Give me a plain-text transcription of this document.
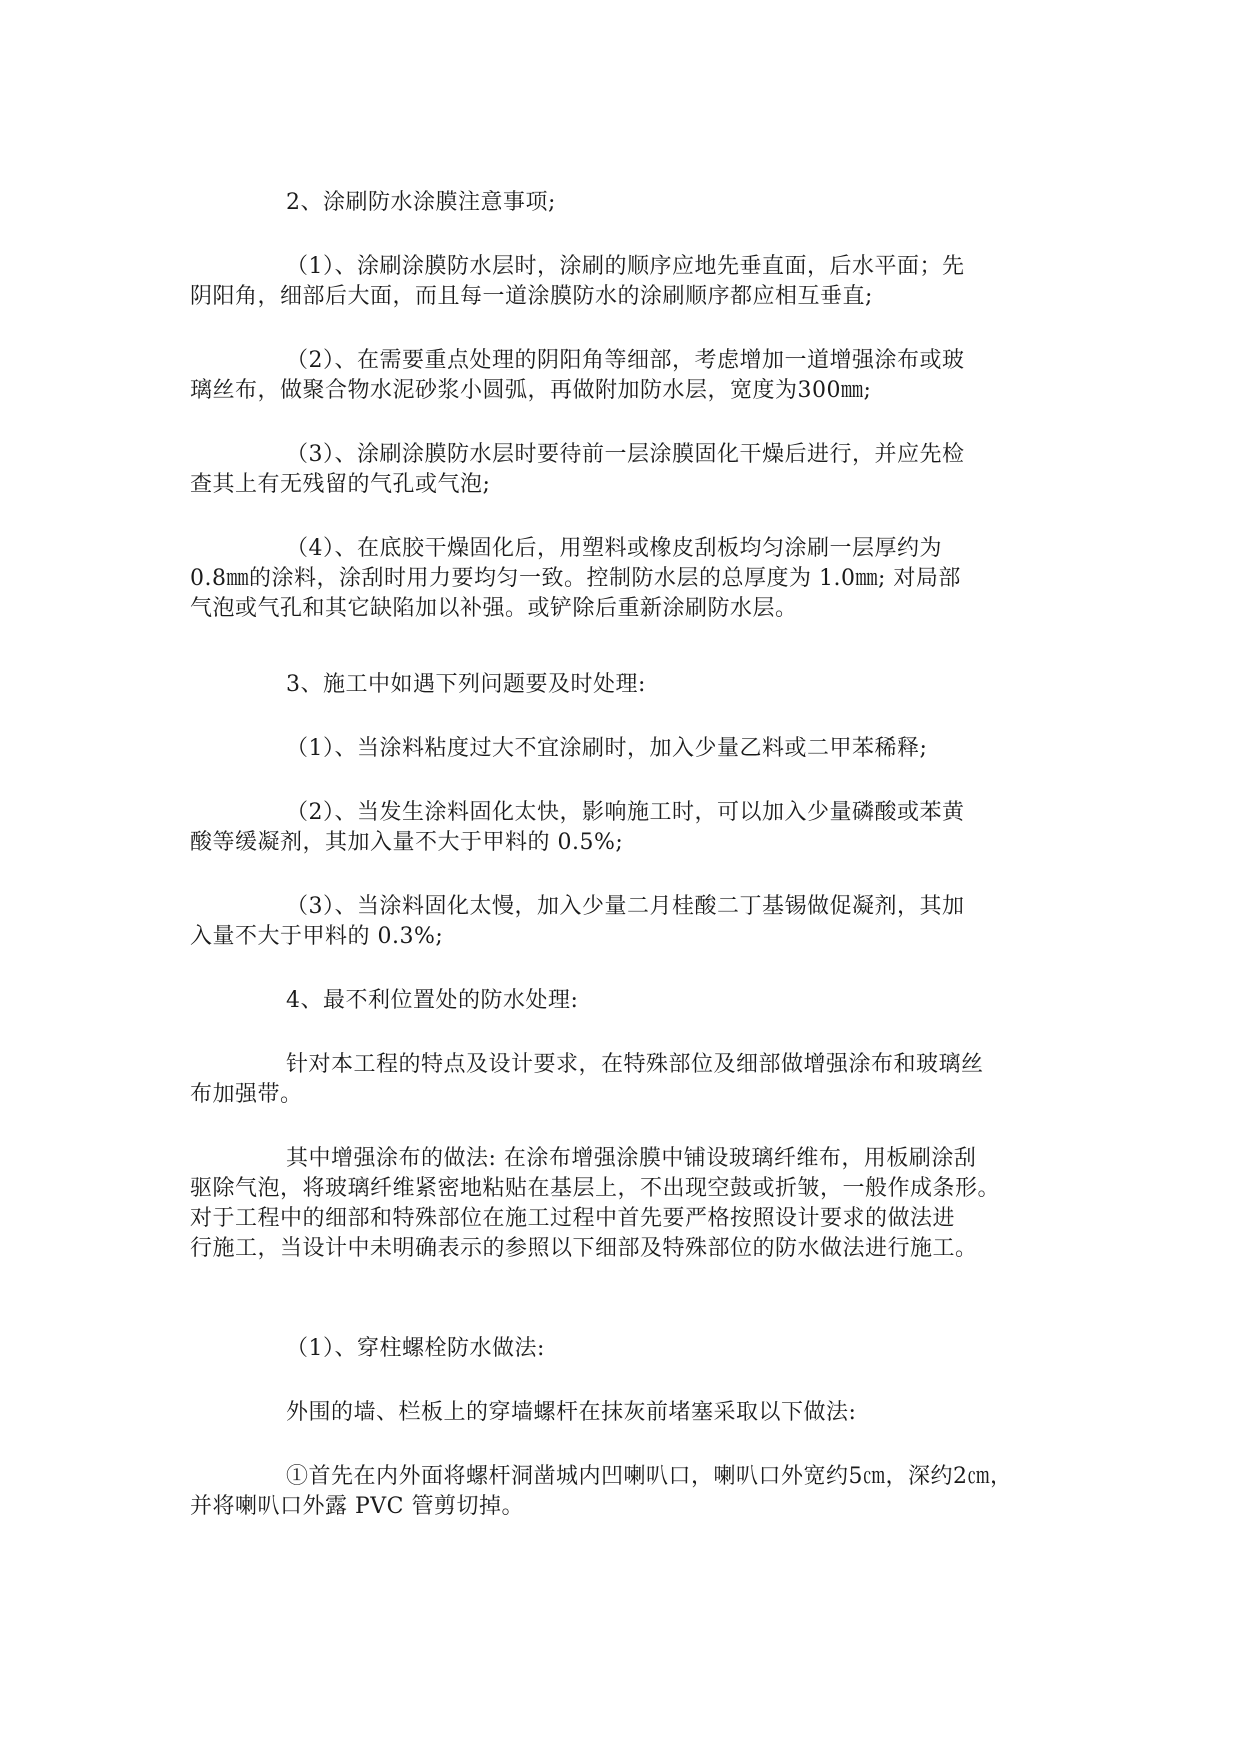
2、涂刷防水涂膜注意事项;

（1）、涂刷涂膜防水层时，涂刷的顺序应地先垂直面，后水平面；先
阴阳角，细部后大面，而且每一道涂膜防水的涂刷顺序都应相互垂直;

（2）、在需要重点处理的阴阳角等细部，考虑增加一道增强涂布或玻
璃丝布，做聚合物水泥砂浆小圆弧，再做附加防水层，宽度为300㎜;

（3）、涂刷涂膜防水层时要待前一层涂膜固化干燥后进行，并应先检
查其上有无残留的气孔或气泡;

（4）、在底胶干燥固化后，用塑料或橡皮刮板均匀涂刷一层厚约为
0.8㎜的涂料，涂刮时用力要均匀一致。控制防水层的总厚度为 1.0㎜; 对局部
气泡或气孔和其它缺陷加以补强。或铲除后重新涂刷防水层。

3、施工中如遇下列问题要及时处理:

（1）、当涂料粘度过大不宜涂刷时，加入少量乙料或二甲苯稀释;

（2）、当发生涂料固化太快，影响施工时，可以加入少量磷酸或苯黄
酸等缓凝剂，其加入量不大于甲料的 0.5%;

（3）、当涂料固化太慢，加入少量二月桂酸二丁基锡做促凝剂，其加
入量不大于甲料的 0.3%;

4、最不利位置处的防水处理:

针对本工程的特点及设计要求，在特殊部位及细部做增强涂布和玻璃丝
布加强带。

其中增强涂布的做法: 在涂布增强涂膜中铺设玻璃纤维布，用板刷涂刮
驱除气泡，将玻璃纤维紧密地粘贴在基层上，不出现空鼓或折皱，一般作成条形。
对于工程中的细部和特殊部位在施工过程中首先要严格按照设计要求的做法进
行施工，当设计中未明确表示的参照以下细部及特殊部位的防水做法进行施工。

（1）、穿柱螺栓防水做法:

外围的墙、栏板上的穿墙螺杆在抹灰前堵塞采取以下做法:

①首先在内外面将螺杆洞凿城内凹喇叭口，喇叭口外宽约5㎝，深约2㎝，
并将喇叭口外露 PVC 管剪切掉。
